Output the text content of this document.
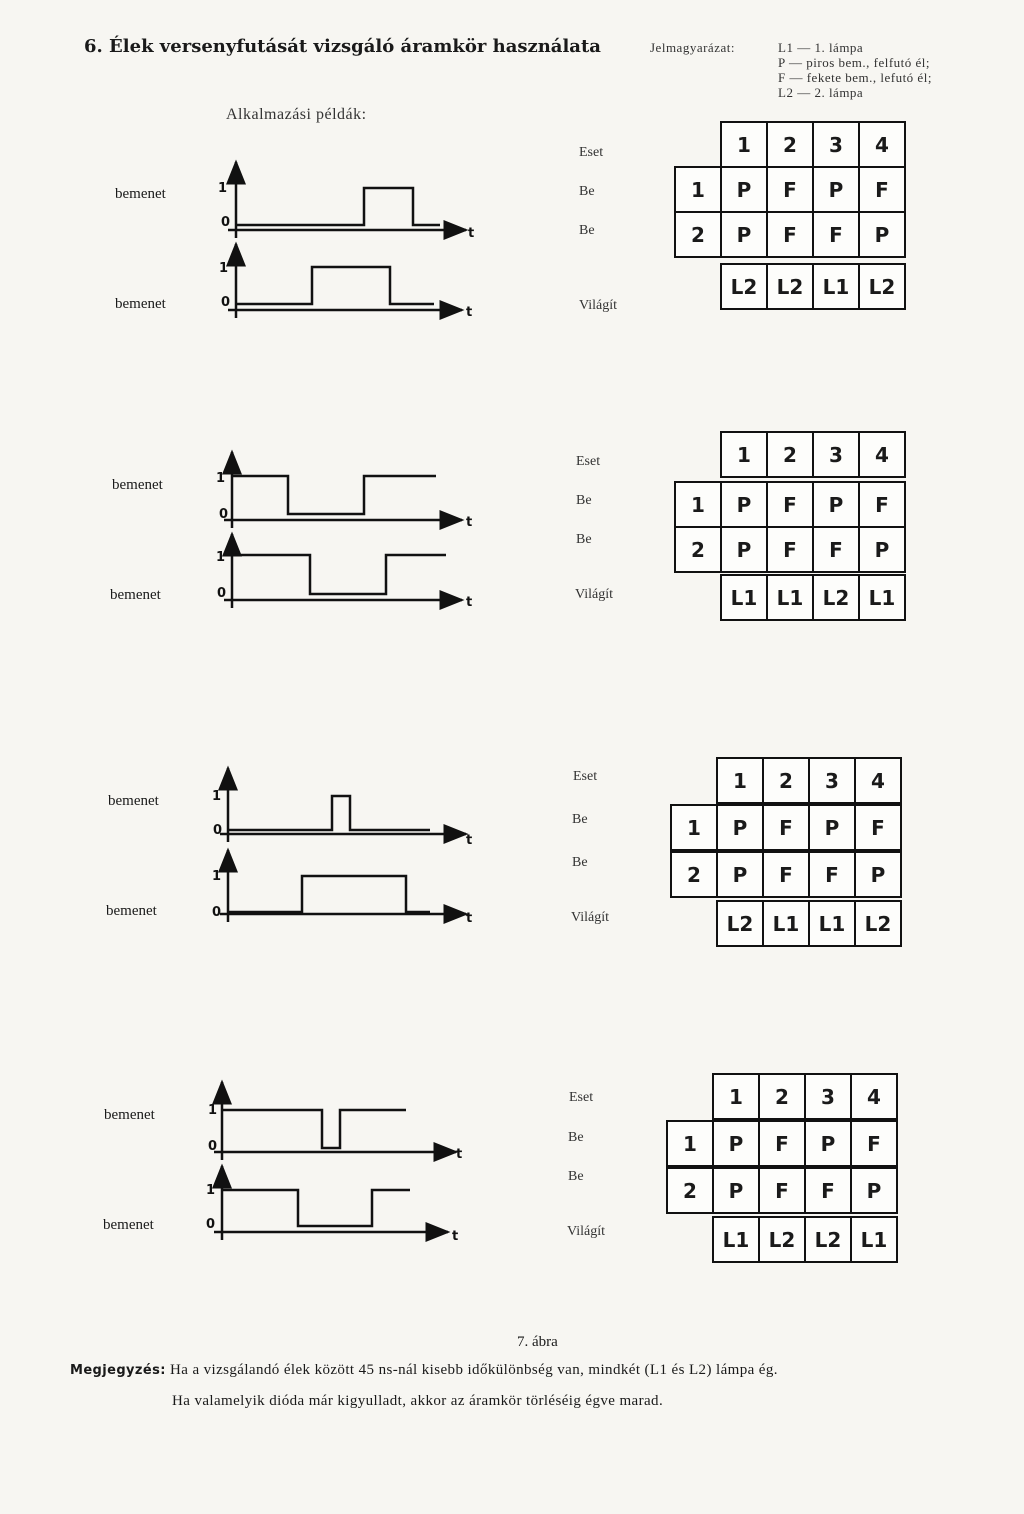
6. Élek versenyfutását vizsgáló áramkör használata	Jelmagyarázat:	L1 — 1. lámpa
P — piros bem., felfutó él;
F — fekete bem., lefutó él;
L2 — 2. lámpa
Alkalmazási példák:
1
0
t
1
0
t
1
0
t
1
0
t
1
0
t
1
0	t
1
0
t
1
0
t
bemenet
bemenet
bemenet
bemenet
bemenet
bemenet
bemenet
bemenet
Eset
Be
Be
Világít
Eset
Be
Be
Világít
Eset
Be
Be
Világít
Eset
Be
Be
Világít
1	2	3	4
1	P	F	P	F
2	P	F	F	P
L2 L2 L1 L2
1	2	3	4
1	P	F	P	F
2	P	F	F	P
L1 L1 L2 L1
1	2	3	4
1	P	F	P	F
2	P	F	F	P
L2 L1 L1 L2
1	2	3	4
1	P	F	P	F
2	P	F	F	P
L1 L2 L2 L1
7. ábra
Megjegyzés: Ha a vizsgálandó élek között 45 ns-nál kisebb időkülönbség van, mindkét (L1 és L2) lámpa ég.
Ha valamelyik dióda már kigyulladt, akkor az áramkör törléséig égve marad.
